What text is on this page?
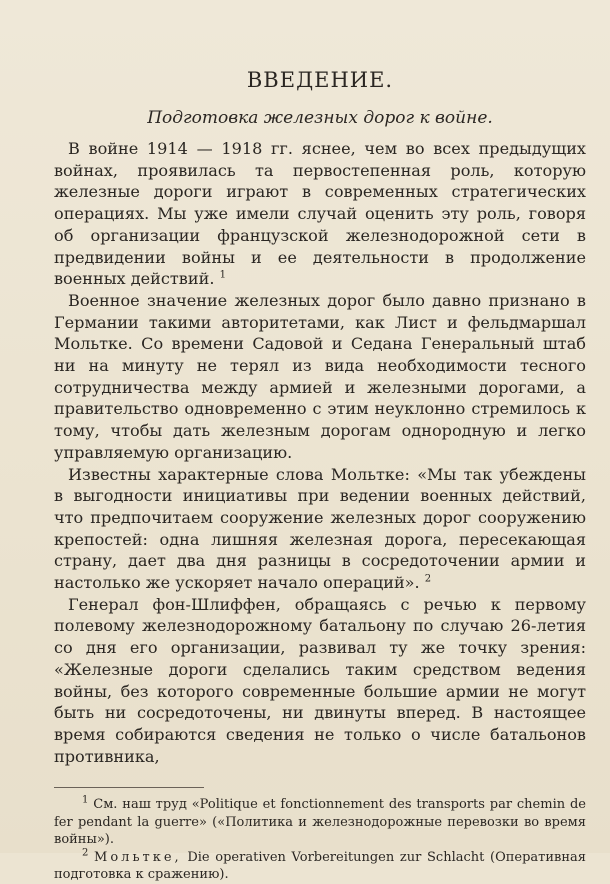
ВВЕДЕНИЕ.
Подготовка железных дорог к войне.

В войне 1914 — 1918 гг. яснее, чем во всех предыдущих войнах, проявилась та первостепенная роль, которую железные дороги играют в современных стратегических операциях. Мы уже имели случай оценить эту роль, говоря об организации французской железнодорожной сети в предвидении войны и ее деятельности в продолжение военных действий. $^1$

Военное значение железных дорог было давно признано в Германии такими авторитетами, как Лист и фельдмаршал Мольтке. Со времени Садовой и Седана Генеральный штаб ни на минуту не терял из вида необходимости тесного сотрудничества между армией и железными дорогами, а правительство одновременно с этим неуклонно стремилось к тому, чтобы дать железным дорогам однородную и легко управляемую организацию.

Известны характерные слова Мольтке: «Мы так убеждены в выгодности инициативы при ведении военных действий, что предпочитаем сооружение железных дорог сооружению крепостей: одна лишняя железная дорога, пересекающая страну, дает два дня разницы в сосредоточении армии и настолько же ускоряет начало операций». $^2$

Генерал фон-Шлиффен, обращаясь с речью к первому полевому железнодорожному батальону по случаю 26-летия со дня его организации, развивал ту же точку зрения: «Железные дороги сделались таким средством ведения войны, без которого современные большие армии не могут быть ни сосредоточены, ни двинуты вперед. В настоящее время собираются сведения не только о числе батальонов противника,

$^1$ См. наш труд «Politique et fonctionnement des transports par chemin de fer pendant la guerre» («Политика и железнодорожные перевозки во время войны»).

$^2$ Мольтке, Die operativen Vorbereitungen zur Schlacht (Оперативная подготовка к сражению).
